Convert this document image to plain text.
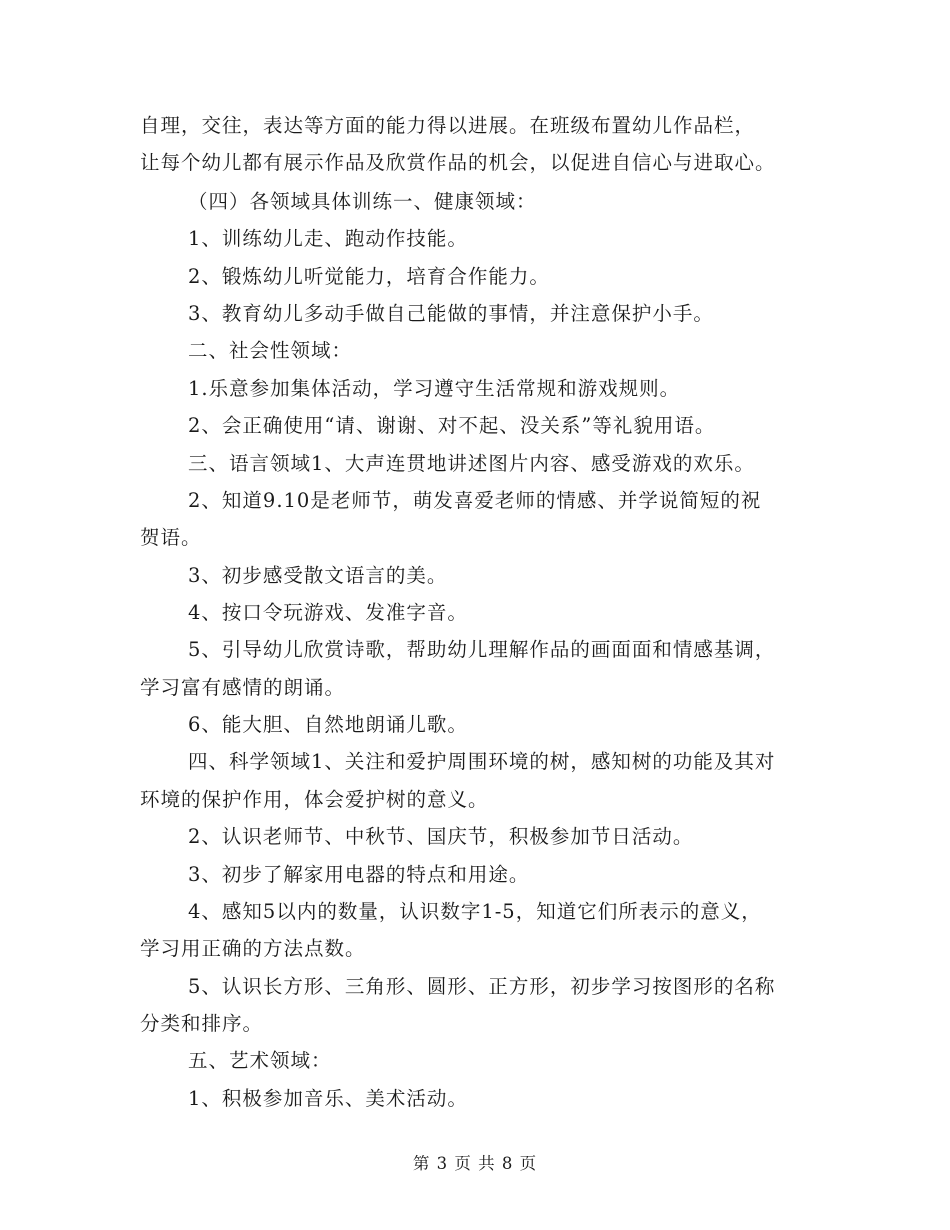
自理，交往，表达等方面的能力得以进展。在班级布置幼儿作品栏，
让每个幼儿都有展示作品及欣赏作品的机会，以促进自信心与进取心。
（四）各领域具体训练一、健康领域：
1、训练幼儿走、跑动作技能。
2、锻炼幼儿听觉能力，培育合作能力。
3、教育幼儿多动手做自己能做的事情，并注意保护小手。
二、社会性领域：
1.乐意参加集体活动，学习遵守生活常规和游戏规则。
2、会正确使用“请、谢谢、对不起、没关系”等礼貌用语。
三、语言领域1、大声连贯地讲述图片内容、感受游戏的欢乐。
2、知道9.10是老师节，萌发喜爱老师的情感、并学说简短的祝
贺语。
3、初步感受散文语言的美。
4、按口令玩游戏、发准字音。
5、引导幼儿欣赏诗歌，帮助幼儿理解作品的画面面和情感基调，
学习富有感情的朗诵。
6、能大胆、自然地朗诵儿歌。
四、科学领域1、关注和爱护周围环境的树，感知树的功能及其对
环境的保护作用，体会爱护树的意义。
2、认识老师节、中秋节、国庆节，积极参加节日活动。
3、初步了解家用电器的特点和用途。
4、感知5以内的数量，认识数字1-5，知道它们所表示的意义，
学习用正确的方法点数。
5、认识长方形、三角形、圆形、正方形，初步学习按图形的名称
分类和排序。
五、艺术领域：
1、积极参加音乐、美术活动。
第 3 页 共 8 页
